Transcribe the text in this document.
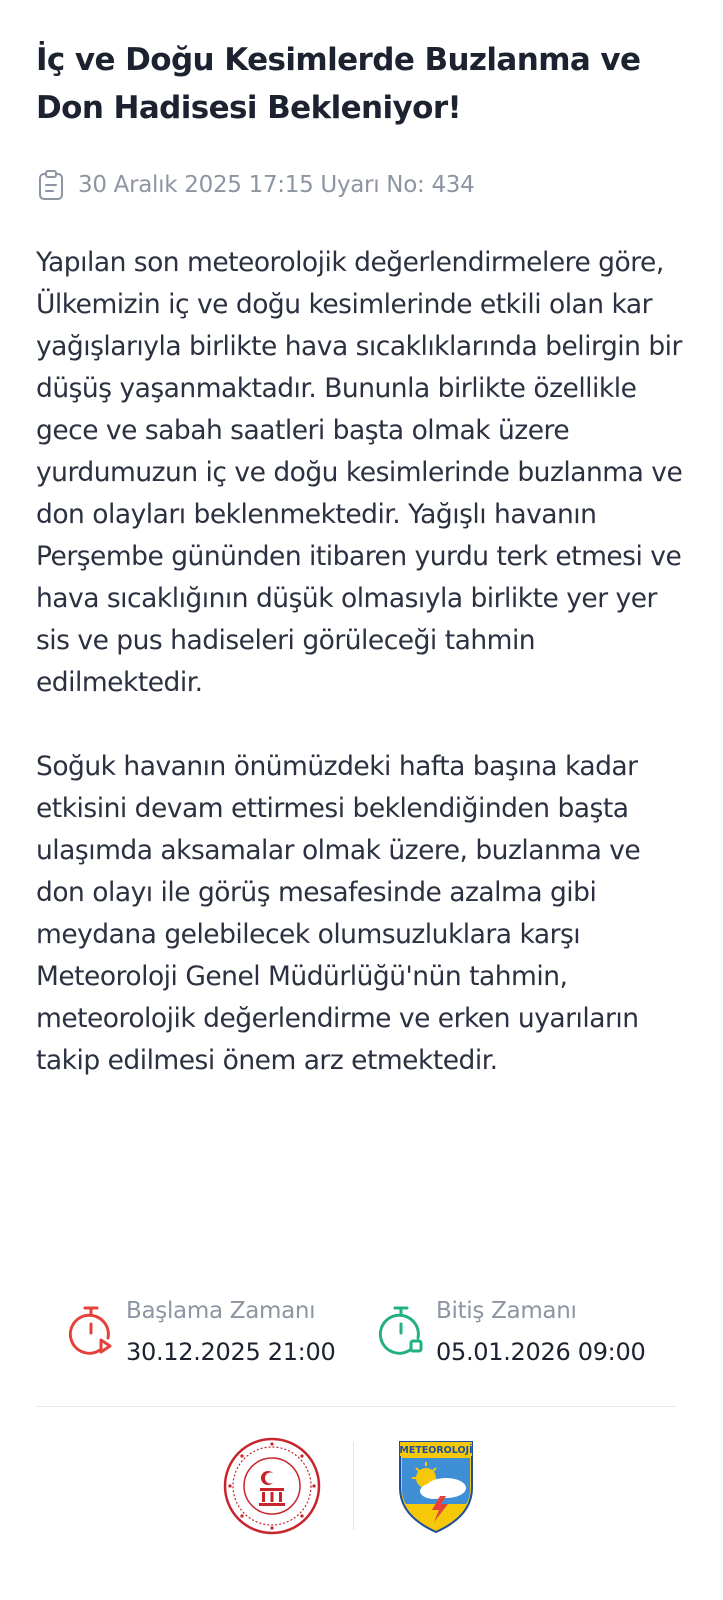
İç ve Doğu Kesimlerde Buzlanma ve Don Hadisesi Bekleniyor!
30 Aralık 2025 17:15 Uyarı No: 434

Yapılan son meteorolojik değerlendirmelere göre, Ülkemizin iç ve doğu kesimlerinde etkili olan kar yağışlarıyla birlikte hava sıcaklıklarında belirgin bir düşüş yaşanmaktadır. Bununla birlikte özellikle gece ve sabah saatleri başta olmak üzere yurdumuzun iç ve doğu kesimlerinde buzlanma ve don olayları beklenmektedir. Yağışlı havanın Perşembe gününden itibaren yurdu terk etmesi ve hava sıcaklığının düşük olmasıyla birlikte yer yer sis ve pus hadiseleri görüleceği tahmin edilmektedir.

Soğuk havanın önümüzdeki hafta başına kadar etkisini devam ettirmesi beklendiğinden başta ulaşımda aksamalar olmak üzere, buzlanma ve don olayı ile görüş mesafesinde azalma gibi meydana gelebilecek olumsuzluklara karşı Meteoroloji Genel Müdürlüğü'nün tahmin, meteorolojik değerlendirme ve erken uyarıların takip edilmesi önem arz etmektedir.

Başlama Zamanı
30.12.2025 21:00
Bitiş Zamanı
05.01.2026 09:00
METEOROLOJİ
